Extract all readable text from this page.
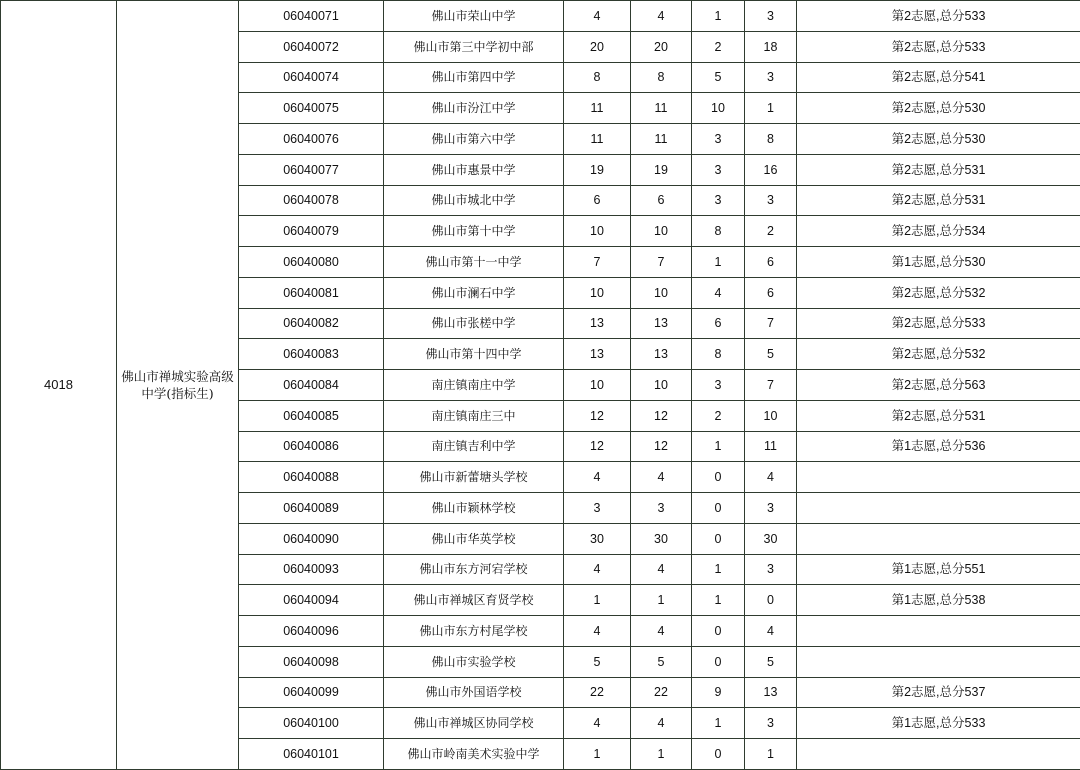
4018	佛山市禅城实验高级中学(指标生)	06040071	佛山市荣山中学	4	4	1	3	第2志愿,总分533
		06040072	佛山市第三中学初中部	20	20	2	18	第2志愿,总分533
		06040074	佛山市第四中学	8	8	5	3	第2志愿,总分541
		06040075	佛山市汾江中学	11	11	10	1	第2志愿,总分530
		06040076	佛山市第六中学	11	11	3	8	第2志愿,总分530
		06040077	佛山市惠景中学	19	19	3	16	第2志愿,总分531
		06040078	佛山市城北中学	6	6	3	3	第2志愿,总分531
		06040079	佛山市第十中学	10	10	8	2	第2志愿,总分534
		06040080	佛山市第十一中学	7	7	1	6	第1志愿,总分530
		06040081	佛山市澜石中学	10	10	4	6	第2志愿,总分532
		06040082	佛山市张槎中学	13	13	6	7	第2志愿,总分533
		06040083	佛山市第十四中学	13	13	8	5	第2志愿,总分532
		06040084	南庄镇南庄中学	10	10	3	7	第2志愿,总分563
		06040085	南庄镇南庄三中	12	12	2	10	第2志愿,总分531
		06040086	南庄镇吉利中学	12	12	1	11	第1志愿,总分536
		06040088	佛山市新蕾塘头学校	4	4	0	4	
		06040089	佛山市颖林学校	3	3	0	3	
		06040090	佛山市华英学校	30	30	0	30	
		06040093	佛山市东方河宕学校	4	4	1	3	第1志愿,总分551
		06040094	佛山市禅城区育贤学校	1	1	1	0	第1志愿,总分538
		06040096	佛山市东方村尾学校	4	4	0	4	
		06040098	佛山市实验学校	5	5	0	5	
		06040099	佛山市外国语学校	22	22	9	13	第2志愿,总分537
		06040100	佛山市禅城区协同学校	4	4	1	3	第1志愿,总分533
		06040101	佛山市岭南美术实验中学	1	1	0	1	
